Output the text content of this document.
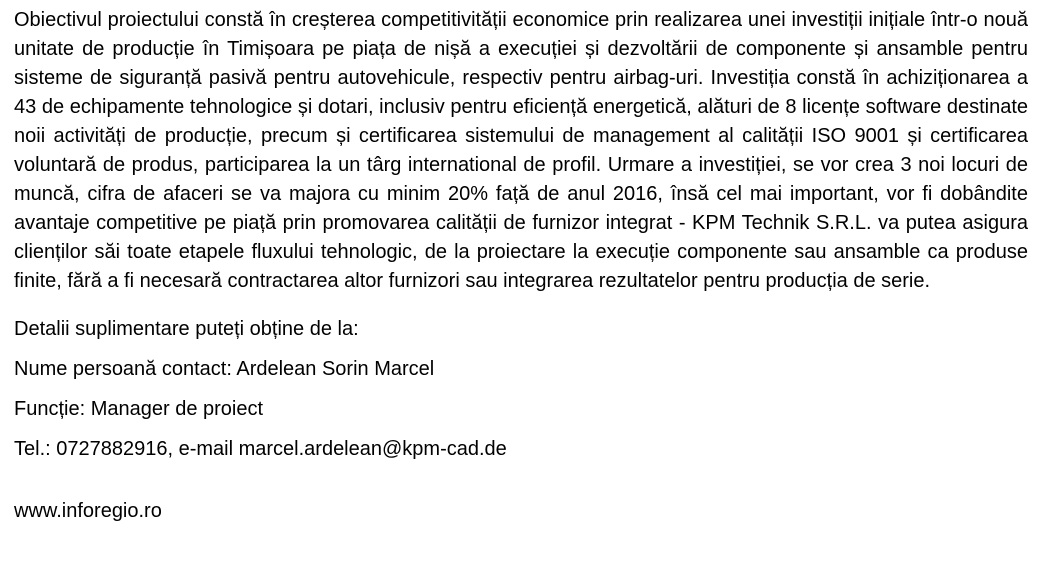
Obiectivul proiectului constă în creșterea competitivității economice prin realizarea unei investiții inițiale într-o nouă unitate de producție în Timișoara pe piața de nișă a execuției și dezvoltării de componente și ansamble pentru sisteme de siguranță pasivă pentru autovehicule, respectiv pentru airbag-uri. Investiția constă în achiziționarea a 43 de echipamente tehnologice și dotari, inclusiv pentru eficiență energetică, alături de 8 licențe software destinate noii activități de producție, precum și certificarea sistemului de management al calității ISO 9001 și certificarea voluntară de produs, participarea la un târg international de profil. Urmare a investiției, se vor crea 3 noi locuri de muncă, cifra de afaceri se va majora cu minim 20% față de anul 2016, însă cel mai important, vor fi dobândite avantaje competitive pe piață prin promovarea calității de furnizor integrat - KPM Technik S.R.L. va putea asigura clienților săi toate etapele fluxului tehnologic, de la proiectare la execuție componente sau ansamble ca produse finite, fără a fi necesară contractarea altor furnizori sau integrarea rezultatelor pentru producția de serie.

Detalii suplimentare puteți obține de la:

Nume persoană contact: Ardelean Sorin Marcel

Funcție: Manager de proiect

Tel.: 0727882916, e-mail marcel.ardelean@kpm-cad.de

www.inforegio.ro
